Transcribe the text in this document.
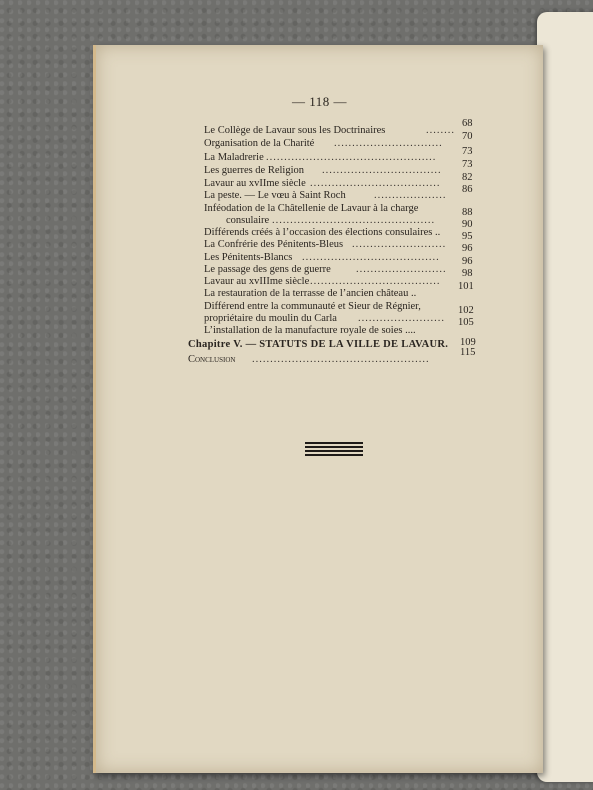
— 118 —
Le Collège de Lavaur sous les Doctrinaires	........
68
Organisation de la Charité ..............................
70
La Maladrerie ...............................................
73
Les guerres de Religion .................................
73
Lavaur au xvIIme siècle ....................................
82
La peste. — Le vœu à Saint Roch	....................
86
Inféodation de la Châtellenie de Lavaur à la charge
consulaire .............................................
88
Différends créés à l’occasion des élections consulaires ..
90
La Confrérie des Pénitents-Bleus ..........................
95
Les Pénitents-Blancs ......................................
96
Le passage des gens de guerre .........................
96
Lavaur au xvIIIme siècle ....................................
98
La restauration de la terrasse de l’ancien château ..
101
Différend entre la communauté et Sieur de Régnier,
propriétaire du moulin du Carla ........................
102
L’installation de la manufacture royale de soies ....
105
Chapitre V. — STATUTS DE LA VILLE DE LAVAUR. 109
Conclusion .................................................
115
